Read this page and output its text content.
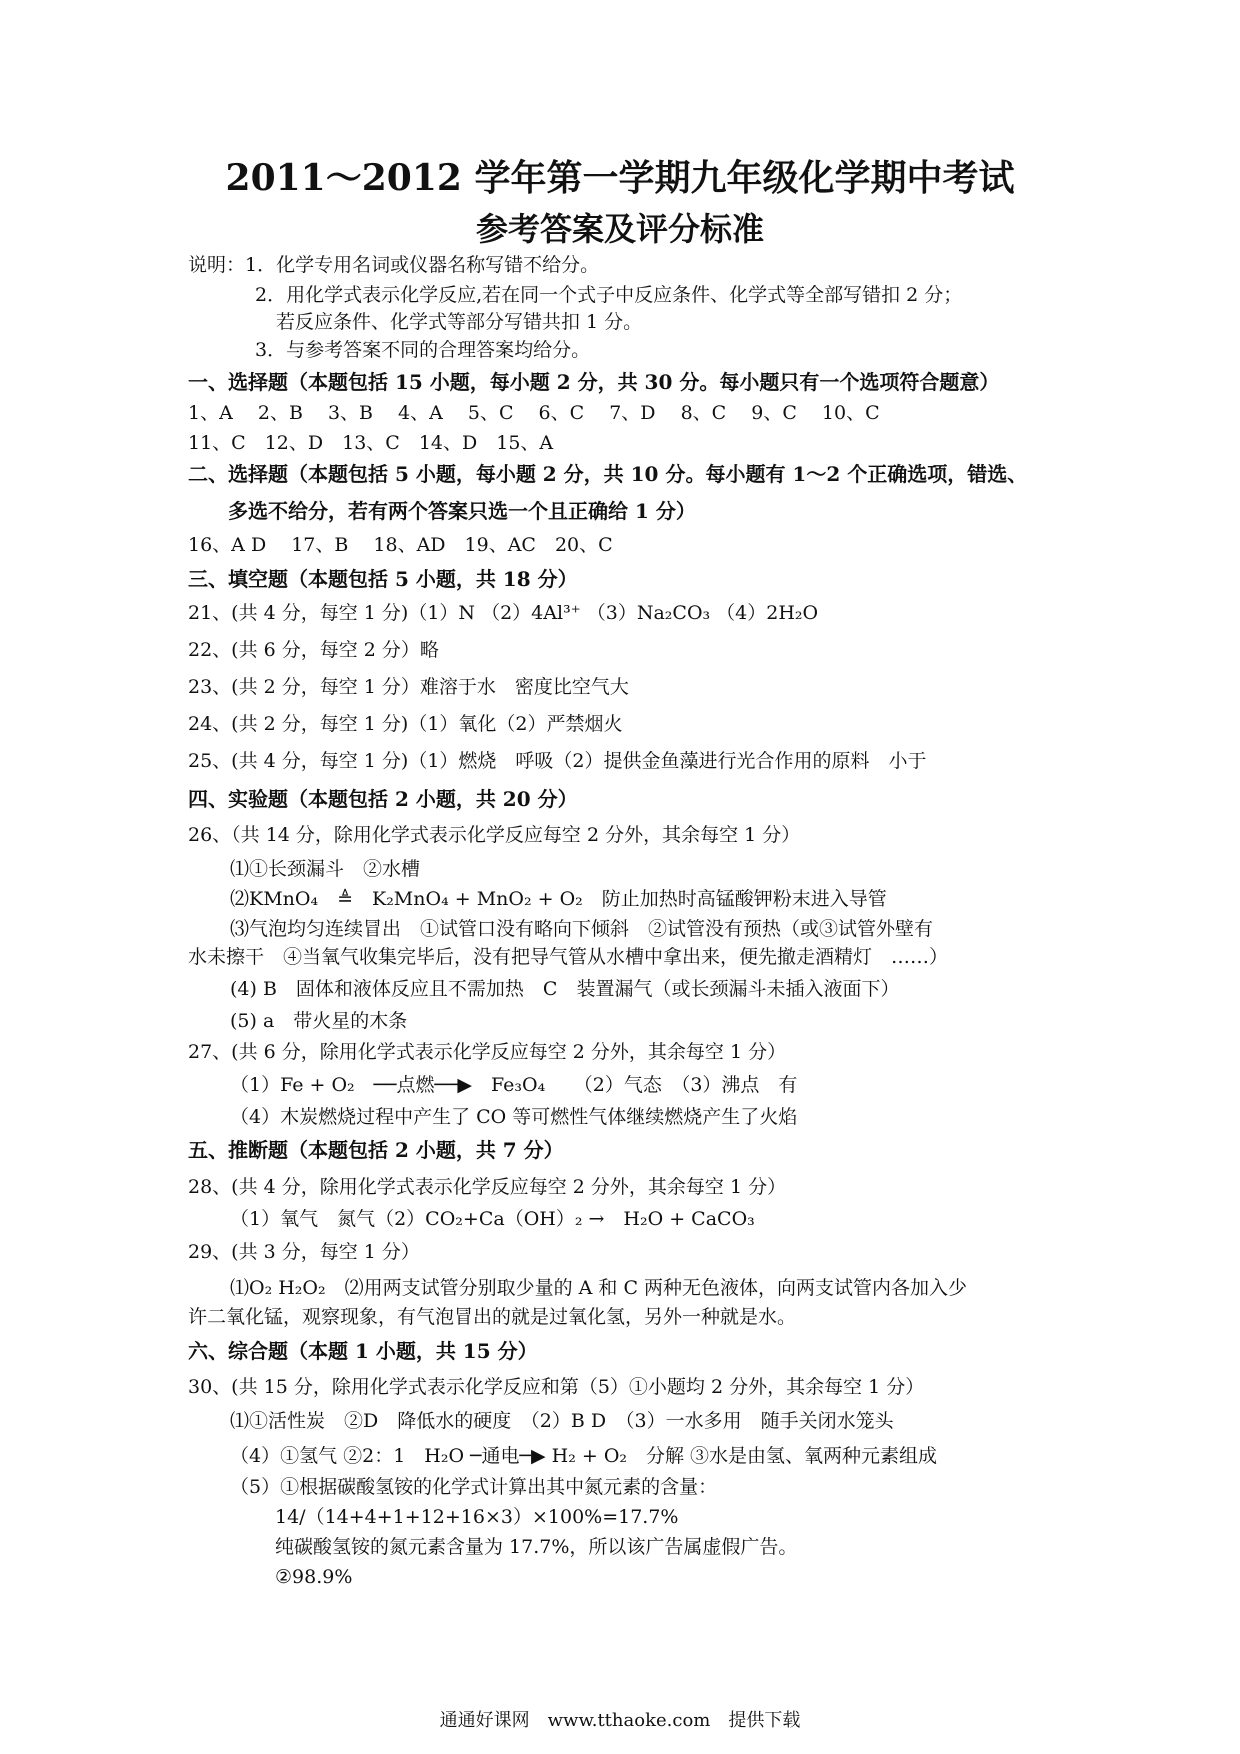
2011～2012 学年第一学期九年级化学期中考试
参考答案及评分标准
说明：1．化学专用名词或仪器名称写错不给分。
2．用化学式表示化学反应,若在同一个式子中反应条件、化学式等全部写错扣 2 分；
若反应条件、化学式等部分写错共扣 1 分。
3．与参考答案不同的合理答案均给分。
一、选择题（本题包括 15 小题，每小题 2 分，共 30 分。每小题只有一个选项符合题意）
1、A　 2、B　 3、B　 4、A　 5、C　 6、C　 7、D　 8、C　 9、C　 10、C
11、C　12、D　13、C　14、D　15、A
二、选择题（本题包括 5 小题，每小题 2 分，共 10 分。每小题有 1～2 个正确选项，错选、
多选不给分，若有两个答案只选一个且正确给 1 分）
16、A D　 17、B　 18、AD　19、AC　20、C
三、填空题（本题包括 5 小题，共 18 分）
21、(共 4 分，每空 1 分)（1）N （2）4Al³⁺ （3）Na₂CO₃ （4）2H₂O
22、(共 6 分，每空 2 分）略
23、(共 2 分，每空 1 分）难溶于水　密度比空气大
24、(共 2 分，每空 1 分)（1）氧化（2）严禁烟火
25、(共 4 分，每空 1 分)（1）燃烧　呼吸（2）提供金鱼藻进行光合作用的原料　小于
四、实验题（本题包括 2 小题，共 20 分）
26、（共 14 分，除用化学式表示化学反应每空 2 分外，其余每空 1 分）
⑴①长颈漏斗　②水槽
⑵KMnO₄　≜　K₂MnO₄ + MnO₂ + O₂　防止加热时高锰酸钾粉末进入导管
⑶气泡均匀连续冒出　①试管口没有略向下倾斜　②试管没有预热（或③试管外壁有
水未擦干　④当氧气收集完毕后，没有把导气管从水槽中拿出来，便先撤走酒精灯　……）
(4) B　固体和液体反应且不需加热　C　装置漏气（或长颈漏斗未插入液面下）
(5) a　带火星的木条
27、(共 6 分，除用化学式表示化学反应每空 2 分外，其余每空 1 分）
（1）Fe + O₂　──点燃──▶　Fe₃O₄　　（2）气态　（3）沸点　有
（4）木炭燃烧过程中产生了 CO 等可燃性气体继续燃烧产生了火焰
五、推断题（本题包括 2 小题，共 7 分）
28、(共 4 分，除用化学式表示化学反应每空 2 分外，其余每空 1 分）
（1）氧气　氮气（2）CO₂+Ca（OH）₂ →　H₂O + CaCO₃
29、(共 3 分，每空 1 分）
⑴O₂ H₂O₂　⑵用两支试管分别取少量的 A 和 C 两种无色液体，向两支试管内各加入少
许二氧化锰，观察现象，有气泡冒出的就是过氧化氢，另外一种就是水。
六、综合题（本题 1 小题，共 15 分）
30、(共 15 分，除用化学式表示化学反应和第（5）①小题均 2 分外，其余每空 1 分）
⑴①活性炭　②D　降低水的硬度　（2）B D　（3）一水多用　随手关闭水笼头
（4）①氢气 ②2：1　H₂O ─通电─▶ H₂ + O₂　分解 ③水是由氢、氧两种元素组成
（5）①根据碳酸氢铵的化学式计算出其中氮元素的含量：
14/（14+4+1+12+16×3）×100%=17.7%
纯碳酸氢铵的氮元素含量为 17.7%，所以该广告属虚假广告。
②98.9%
通通好课网　www.tthaoke.com　提供下载
